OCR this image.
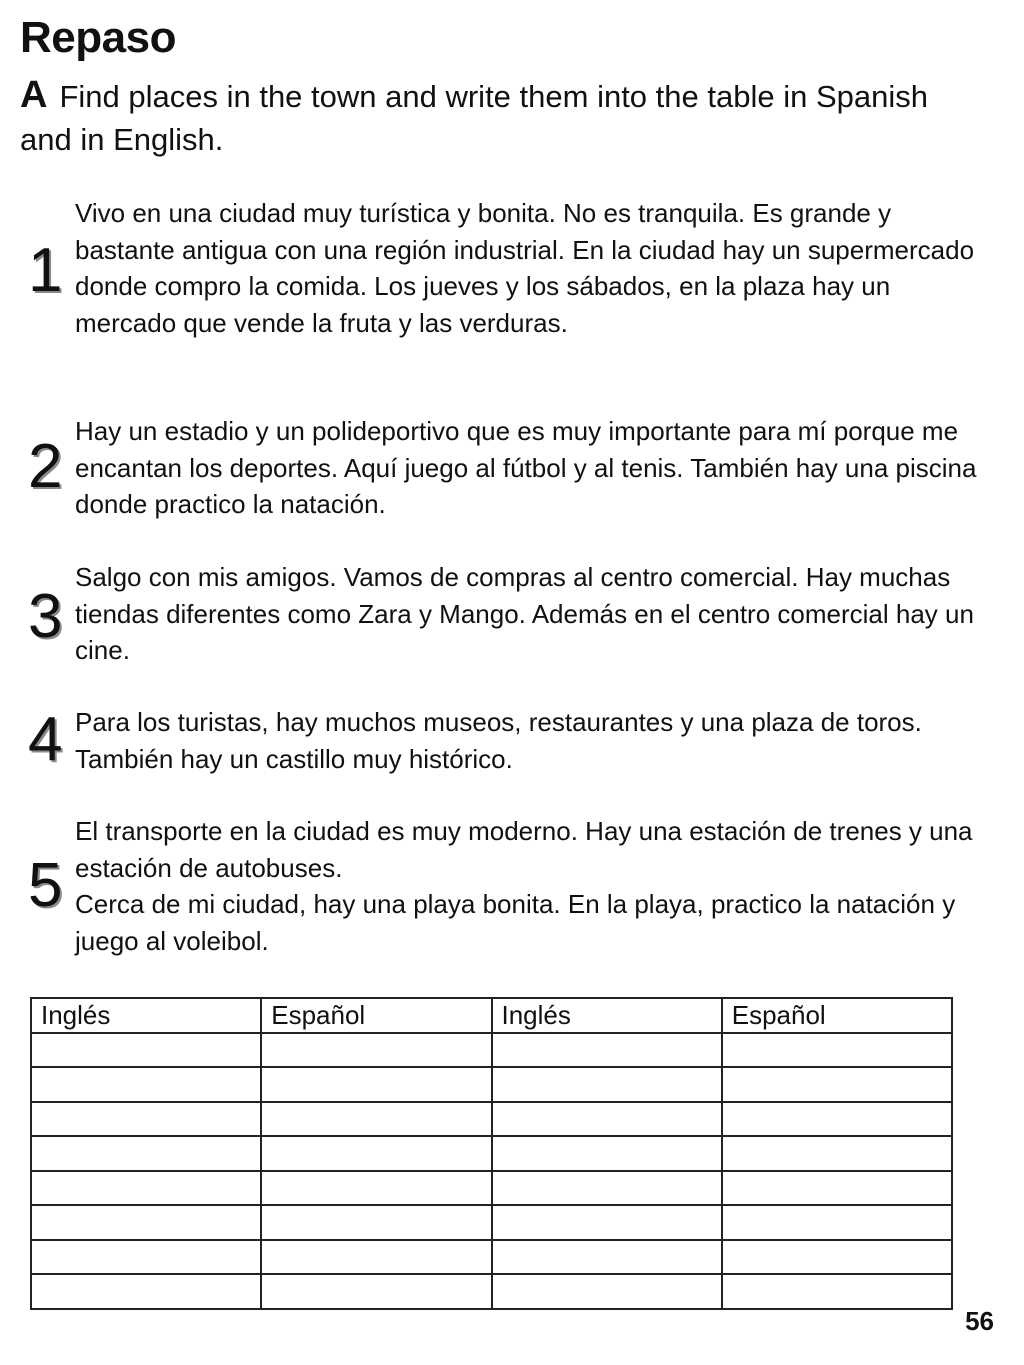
Repaso

A Find places in the town and write them into the table in Spanish and in English.

1

Vivo en una ciudad muy turística y bonita. No es tranquila. Es grande y bastante antigua con una región industrial. En la ciudad hay un supermercado donde compro la comida. Los jueves y los sábados, en la plaza hay un mercado que vende la fruta y las verduras.

2

Hay un estadio y un polideportivo que es muy importante para mí porque me encantan los deportes. Aquí juego al fútbol y al tenis. También hay una piscina donde practico la natación.

3

Salgo con mis amigos. Vamos de compras al centro comercial. Hay muchas tiendas diferentes como Zara y Mango. Además en el centro comercial hay un cine.

4 Para los turistas, hay muchos museos, restaurantes y una plaza de toros. También hay un castillo muy histórico.

5

El transporte en la ciudad es muy moderno. Hay una estación de trenes y una estación de autobuses.

Cerca de mi ciudad, hay una playa bonita. En la playa, practico la natación y juego al voleibol.

Inglés	Español	Inglés	Español

56
